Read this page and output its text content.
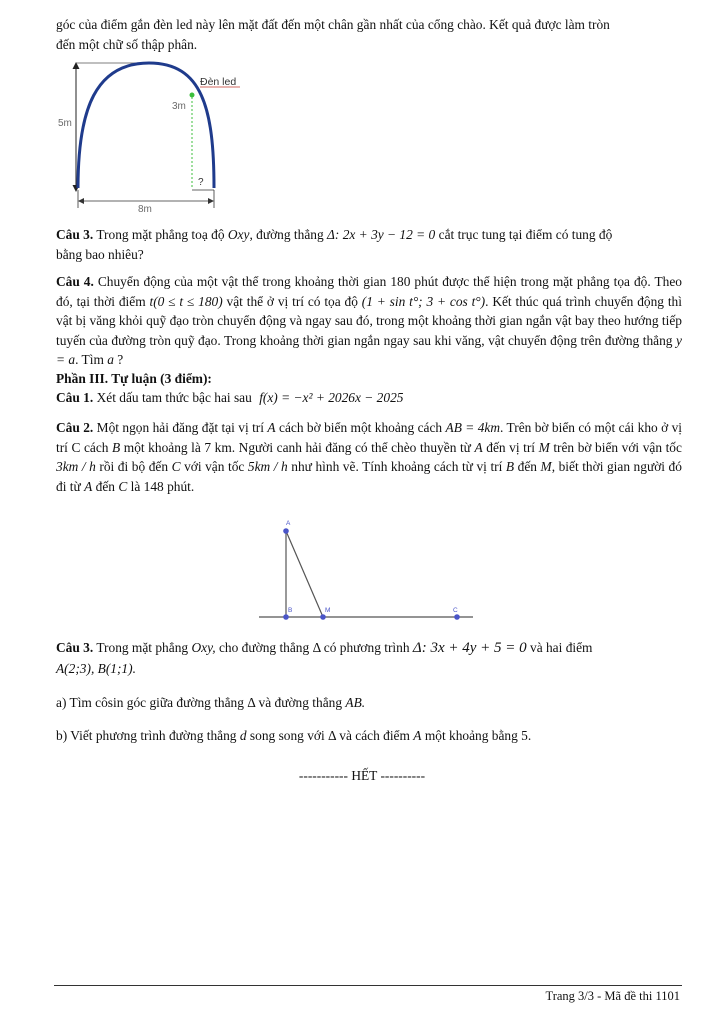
góc của điểm gắn đèn led này lên mặt đất đến một chân gần nhất của cổng chào. Kết quả được làm tròn
đến một chữ số thập phân.

5m
3m
Đèn led
?
8m

Câu 3. Trong mặt phẳng toạ độ Oxy, đường thẳng Δ: 2x + 3y − 12 = 0 cắt trục tung tại điểm có tung độ
bằng bao nhiêu?

Câu 4. Chuyển động của một vật thể trong khoảng thời gian 180 phút được thể hiện trong mặt phẳng tọa độ. Theo đó, tại thời điểm t(0 ≤ t ≤ 180) vật thể ở vị trí có tọa độ (1 + sin t°; 3 + cos t°). Kết thúc quá trình chuyển động thì vật bị văng khỏi quỹ đạo tròn chuyển động và ngay sau đó, trong một khoảng thời gian ngắn vật bay theo hướng tiếp tuyến của đường tròn quỹ đạo. Trong khoảng thời gian ngắn ngay sau khi văng, vật chuyển động trên đường thẳng y = a. Tìm a ?

Phần III. Tự luận (3 điểm):

Câu 1. Xét dấu tam thức bậc hai sau f(x) = −x² + 2026x − 2025

Câu 2. Một ngọn hải đăng đặt tại vị trí A cách bờ biển một khoảng cách AB = 4km. Trên bờ biển có một cái kho ở vị trí C cách B một khoảng là 7 km. Người canh hải đăng có thể chèo thuyền từ A đến vị trí M trên bờ biển với vận tốc 3km / h rồi đi bộ đến C với vận tốc 5km / h như hình vẽ. Tính khoảng cách từ vị trí B đến M, biết thời gian người đó đi từ A đến C là 148 phút.

A
B	M	C

Câu 3. Trong mặt phẳng Oxy, cho đường thẳng Δ có phương trình Δ: 3x + 4y + 5 = 0 và hai điểm
A(2;3), B(1;1).

a) Tìm côsin góc giữa đường thẳng Δ và đường thẳng AB.

b) Viết phương trình đường thẳng d song song với Δ và cách điểm A một khoảng bằng 5.

----------- HẾT ----------
Trang 3/3 - Mã đề thi 1101
